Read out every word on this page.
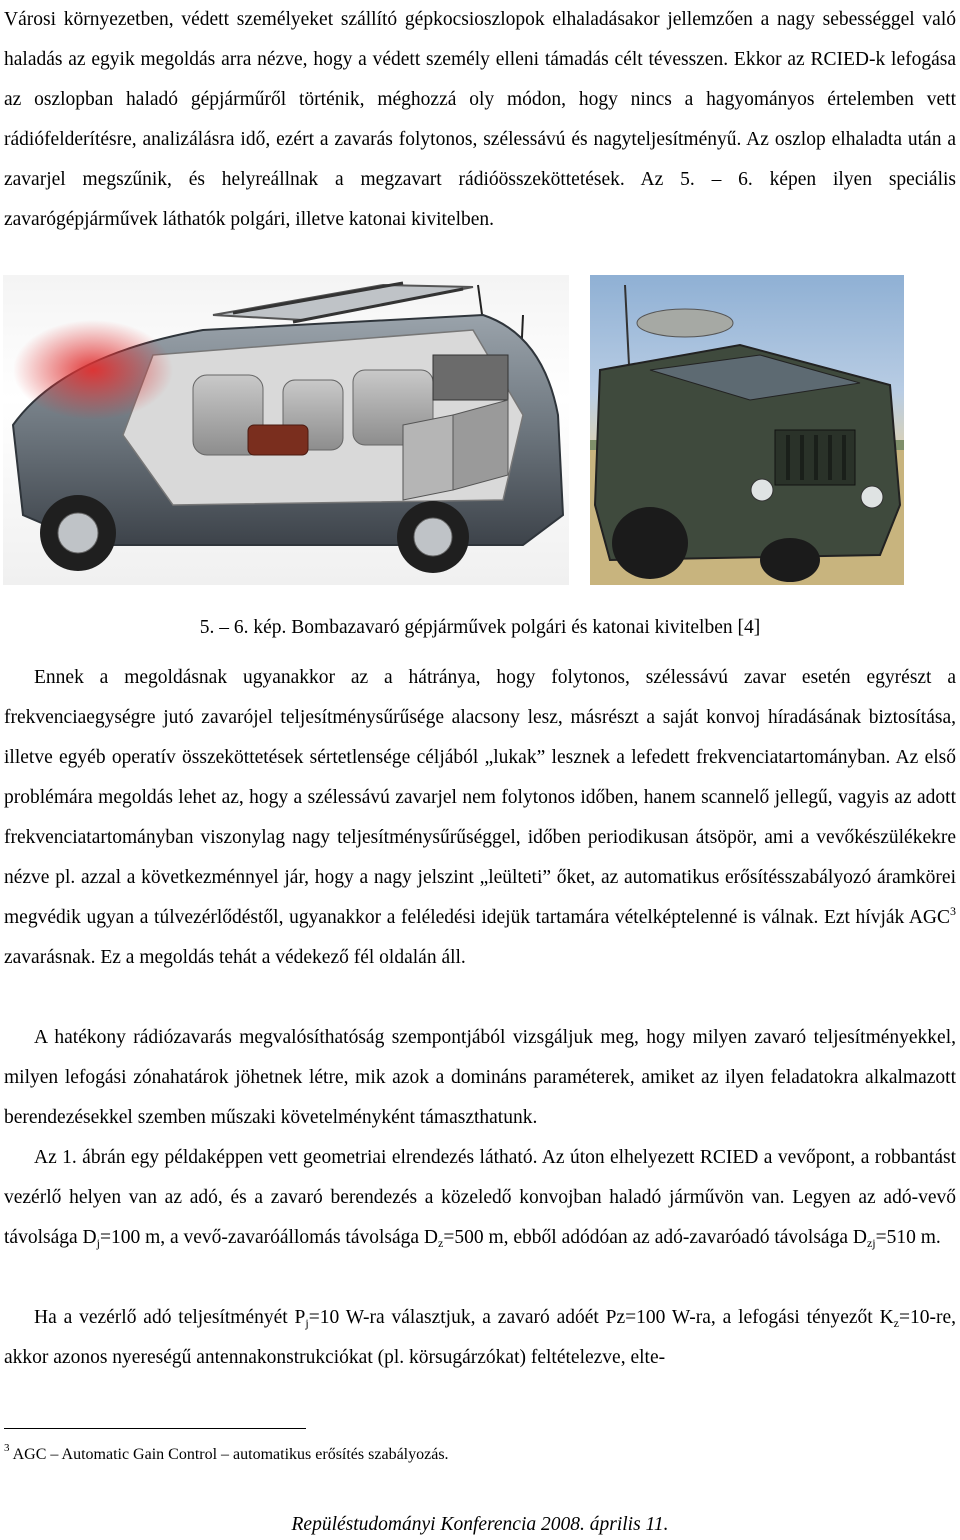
Városi környezetben, védett személyeket szállító gépkocsioszlopok elhaladásakor jellemzően a nagy sebességgel való haladás az egyik megoldás arra nézve, hogy a védett személy elleni támadás célt tévesszen. Ekkor az RCIED-k lefogása az oszlopban haladó gépjárműről történik, méghozzá oly módon, hogy nincs a hagyományos értelemben vett rádiófelderítésre, analizálásra idő, ezért a zavarás folytonos, szélessávú és nagyteljesítményű. Az oszlop elhaladta után a zavarjel megszűnik, és helyreállnak a megzavart rádióösszeköttetések. Az 5. – 6. képen ilyen speciális zavarógépjárművek láthatók polgári, illetve katonai kivitelben.

5. – 6. kép. Bombazavaró gépjárművek polgári és katonai kivitelben [4]

Ennek a megoldásnak ugyanakkor az a hátránya, hogy folytonos, szélessávú zavar esetén egyrészt a frekvenciaegységre jutó zavarójel teljesítménysűrűsége alacsony lesz, másrészt a saját konvoj híradásának biztosítása, illetve egyéb operatív összeköttetések sértetlensége céljából „lukak” lesznek a lefedett frekvenciatartományban. Az első problémára megoldás lehet az, hogy a szélessávú zavarjel nem folytonos időben, hanem scannelő jellegű, vagyis az adott frekvenciatartományban viszonylag nagy teljesítménysűrűséggel, időben periodikusan átsöpör, ami a vevőkészülékekre nézve pl. azzal a következménnyel jár, hogy a nagy jelszint „leülteti” őket, az automatikus erősítésszabályozó áramkörei megvédik ugyan a túlvezérlődéstől, ugyanakkor a feléledési idejük tartamára vételképtelenné is válnak. Ezt hívják AGC$^3$ zavarásnak. Ez a megoldás tehát a védekező fél oldalán áll.

A hatékony rádiózavarás megvalósíthatóság szempontjából vizsgáljuk meg, hogy milyen zavaró teljesítményekkel, milyen lefogási zónahatárok jöhetnek létre, mik azok a domináns paraméterek, amiket az ilyen feladatokra alkalmazott berendezésekkel szemben műszaki követelményként támaszthatunk.

Az 1. ábrán egy példaképpen vett geometriai elrendezés látható. Az úton elhelyezett RCIED a vevőpont, a robbantást vezérlő helyen van az adó, és a zavaró berendezés a közeledő konvojban haladó járművön van. Legyen az adó-vevő távolsága $D_j=100$ m, a vevő-zavaróállomás távolsága $D_z=500$ m, ebből adódóan az adó-zavaróadó távolsága $D_{zj}=510$ m.

Ha a vezérlő adó teljesítményét $P_j=10$ W-ra választjuk, a zavaró adóét Pz=100 W-ra, a lefogási tényezőt $K_z=10-re$, akkor azonos nyereségű antennakonstrukciókat (pl. körsugárzókat) feltételezve, elte-

$^3$ AGC – Automatic Gain Control – automatikus erősítés szabályozás.
Repüléstudományi Konferencia 2008. április 11.
